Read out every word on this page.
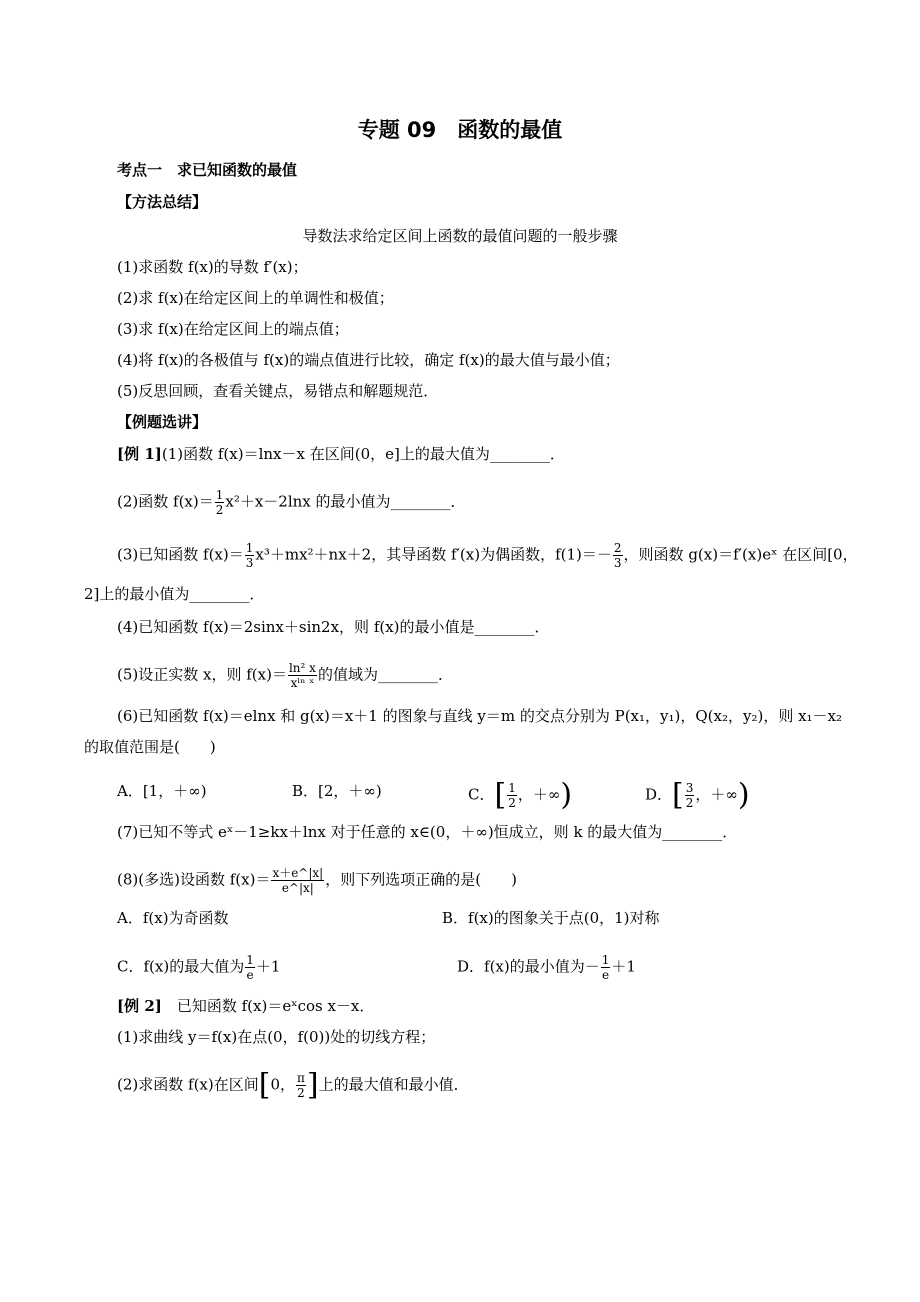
专题 09　函数的最值
考点一　求已知函数的最值
【方法总结】
导数法求给定区间上函数的最值问题的一般步骤
(1)求函数 f(x)的导数 f′(x)；
(2)求 f(x)在给定区间上的单调性和极值；
(3)求 f(x)在给定区间上的端点值；
(4)将 f(x)的各极值与 f(x)的端点值进行比较，确定 f(x)的最大值与最小值；
(5)反思回顾，查看关键点，易错点和解题规范．
【例题选讲】
[例 1](1)函数 f(x)＝lnx－x 在区间(0，e]上的最大值为________．
(2)函数 $f(x)= \frac{1}{2} x^2+x-2\ln x$ 的最小值为________．
(3)已知函数 $f(x)= \frac{1}{3} x^3+mx^2+nx+2$，其导函数 f′(x)为偶函数，$f(1)=- \frac{2}{3}$ ，则函数 g(x)＝f′(x)eˣ 在区间[0，
2]上的最小值为________．
(4)已知函数 f(x)＝2sinx＋sin2x，则 f(x)的最小值是________．
(5)设正实数 x，则 $f(x)= \frac{\text{ln² x}}{\text{xˡⁿ ˣ}}$ 的值域为________．
(6)已知函数 f(x)＝elnx 和 g(x)＝x＋1 的图象与直线 y＝m 的交点分别为 P(x₁，y₁)，Q(x₂，y₂)，则 x₁－x₂
的取值范围是(　　)
A．[1，＋∞)	B．[2，＋∞)	C．[ $\frac{1}{2}$ ，＋∞)	D．[ $\frac{3}{2}$ ，＋∞)
(7)已知不等式 eˣ－1≥kx＋lnx 对于任意的 x∈(0，＋∞)恒成立，则 k 的最大值为________．
(8)(多选)设函数 $f(x)= \frac{x+e\^{}|x|}{e\^{}|x|}$ ，则下列选项正确的是(　　)
A．f(x)为奇函数	B．f(x)的图象关于点(0，1)对称
C．f(x)的最大值为 $\frac{1}{e} +1$	D．f(x)的最小值为－ $\frac{1}{e} +1$
[例 2]　已知函数 f(x)＝eˣcos x－x．
(1)求曲线 y＝f(x)在点(0，f(0))处的切线方程；
(2)求函数 f(x)在区间[0， $\frac{\pi}{2}$ ]上的最大值和最小值．
